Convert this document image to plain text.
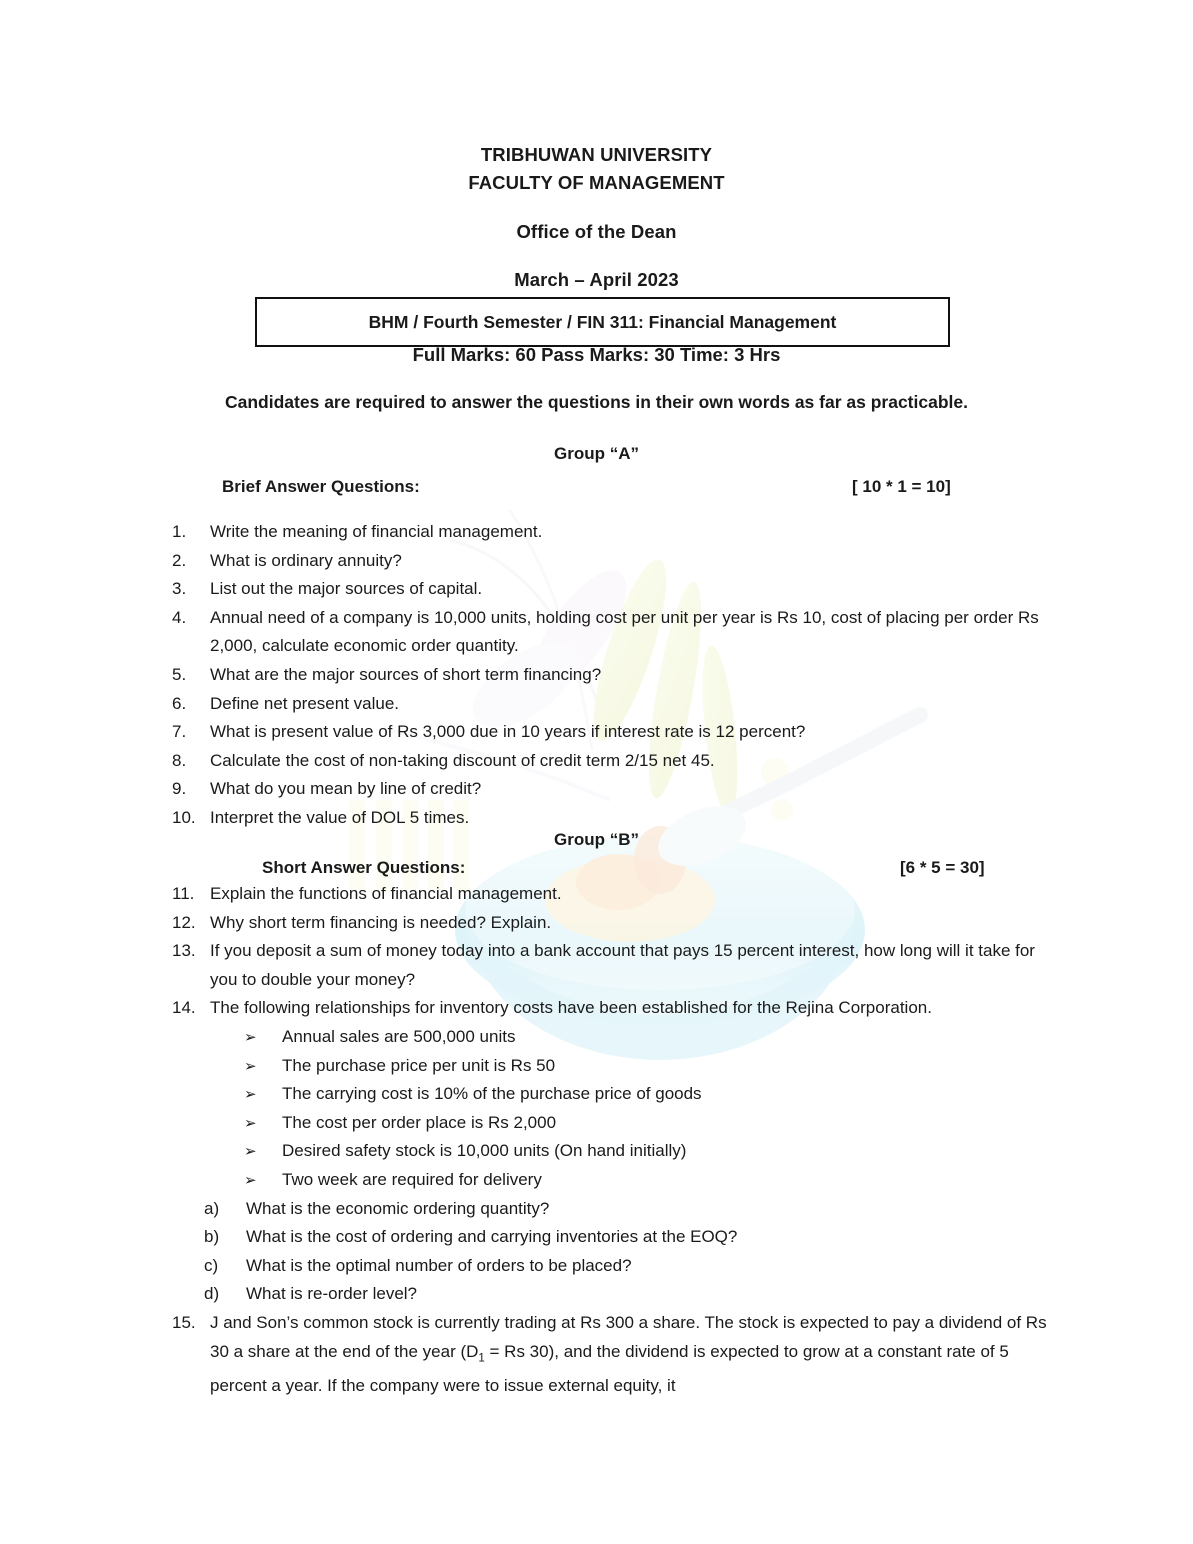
TRIBHUWAN UNIVERSITY
FACULTY OF MANAGEMENT
Office of the Dean
March – April 2023
BHM / Fourth Semester / FIN 311: Financial Management
Full Marks: 60 Pass Marks: 30 Time: 3 Hrs
Candidates are required to answer the questions in their own words as far as practicable.
Group “A”
Brief Answer Questions:	[ 10 * 1 = 10]
1.	Write the meaning of financial management.
2.	What is ordinary annuity?
3.	List out the major sources of capital.
4.	Annual need of a company is 10,000 units, holding cost per unit per year is Rs 10, cost of placing per order Rs 2,000, calculate economic order quantity.
5.	What are the major sources of short term financing?
6.	Define net present value.
7.	What is present value of Rs 3,000 due in 10 years if interest rate is 12 percent?
8.	Calculate the cost of non-taking discount of credit term 2/15 net 45.
9.	What do you mean by line of credit?
10. Interpret the value of DOL 5 times.
Group “B”
Short Answer Questions:	[6 * 5 = 30]
11. Explain the functions of financial management.
12. Why short term financing is needed? Explain.
13. If you deposit a sum of money today into a bank account that pays 15 percent interest, how long will it take for you to double your money?
14. The following relationships for inventory costs have been established for the Rejina Corporation.
➢	Annual sales are 500,000 units
➢	The purchase price per unit is Rs 50
➢	The carrying cost is 10% of the purchase price of goods
➢	The cost per order place is Rs 2,000
➢	Desired safety stock is 10,000 units (On hand initially)
➢	Two week are required for delivery
a)	What is the economic ordering quantity?
b)	What is the cost of ordering and carrying inventories at the EOQ?
c)	What is the optimal number of orders to be placed?
d)	What is re-order level?
15. J and Son’s common stock is currently trading at Rs 300 a share. The stock is expected to pay a dividend of Rs 30 a share at the end of the year ($D_1 = Rs$ 30), and the dividend is expected to grow at a constant rate of 5 percent a year. If the company were to issue external equity, it
